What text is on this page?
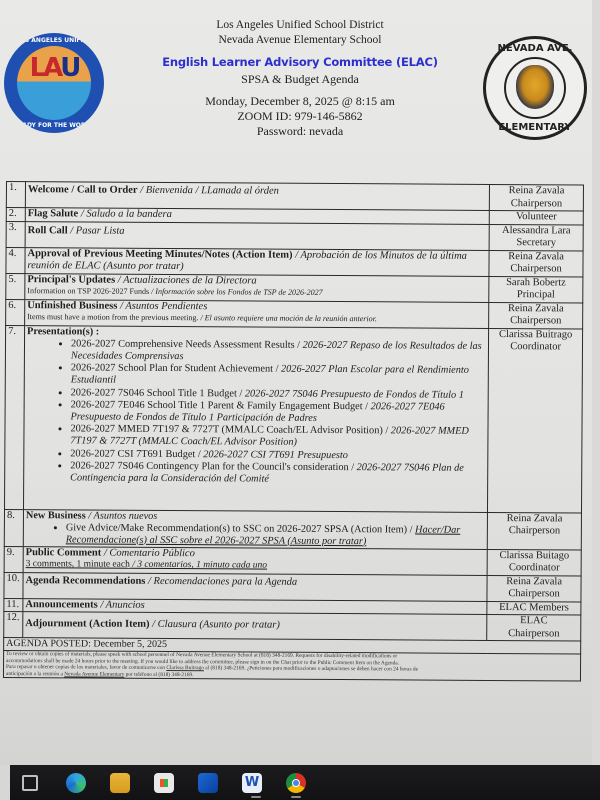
LOS ANGELES UNIFIED
LAU
READY FOR THE WORLD
Los Angeles Unified School District
Nevada Avenue Elementary School
English Learner Advisory Committee (ELAC)
SPSA & Budget Agenda
Monday, December 8, 2025 @ 8:15 am
ZOOM ID: 979-146-5862
Password: nevada
NEVADA AVE.
ELEMENTARY
1.	Welcome / Call to Order / Bienvenida / LLamada al órden	Reina Zavala
Chairperson

2.	Flag Salute / Saludo a la bandera	Volunteer

3.	Roll Call / Pasar Lista	Alessandra Lara
Secretary

4.	Approval of Previous Meeting Minutes/Notes (Action Item) / Aprobación de los Minutos de la última reunión de ELAC (Asunto por tratar)	Reina Zavala
Chairperson

5.	Principal's Updates / Actualizaciones de la Directora
Information on TSP 2026-2027 Funds / Información sobre los Fondos de TSP de 2026-2027

Sarah Bobertz
Principal

6.	Unfinished Business / Asuntos Pendientes
Items must have a motion from the previous meeting. / El asunto requiere una moción de la reunión anterior.

Reina Zavala
Chairperson

7.	Presentation(s) :
• 2026-2027 Comprehensive Needs Assessment Results / 2026-2027 Repaso de los Resultados de las Necesidades Comprensivas
• 2026-2027 School Plan for Student Achievement / 2026-2027 Plan Escolar para el Rendimiento Estudiantil
• 2026-2027 7S046 School Title 1 Budget / 2026-2027 7S046 Presupuesto de Fondos de Título 1
• 2026-2027 7E046 School Title 1 Parent & Family Engagement Budget / 2026-2027 7E046 Presupuesto de Fondos de Título 1 Participación de Padres
• 2026-2027 MMED 7T197 & 7727T (MMALC Coach/EL Advisor Position) / 2026-2027 MMED 7T197 & 7727T (MMALC Coach/EL Advisor Position)
• 2026-2027 CSI 7T691 Budget / 2026-2027 CSI 7T691 Presupuesto
• 2026-2027 7S046 Contingency Plan for the Council's consideration / 2026-2027 7S046 Plan de Contingencia para la Consideración del Comité

Clarissa Buitrago
Coordinator

8.	New Business / Asuntos nuevos
• Give Advice/Make Recommendation(s) to SSC on 2026-2027 SPSA (Action Item) / Hacer/Dar Recomendacione(s) al SSC sobre el 2026-2027 SPSA (Asunto por tratar)

Reina Zavala
Chairperson

9.	Public Comment / Comentario Público
3 comments, 1 minute each / 3 comentarios, 1 minuto cada uno

Clarissa Buitago
Coordinator

10.	Agenda Recommendations / Recomendaciones para la Agenda	Reina Zavala
Chairperson

11.	Announcements / Anuncios	ELAC Members

12.	Adjournment (Action Item) / Clausura (Asunto por tratar)	ELAC
Chairperson

AGENDA POSTED: December 5, 2025		

To review or obtain copies of materials, please speak with school personnel of Nevada Avenue Elementary School at (818) 348-2169. Requests for disability-related modifications or
accommodations shall be made 24 hours prior to the meeting. If you would like to address the committee, please sign in on the Chat prior to the Public Comment Item on the Agenda.
Para repasar u obtener copias de los materiales, favor de comunicarse con Clarissa Buitrago al (818) 348-2169. ¿Peticiones para modificaciones o adaptaciones se deben hacer con 24 horas de
anticipación a la reunión a Nevada Avenue Elementary por teléfono al (818) 348-2169.		
W
